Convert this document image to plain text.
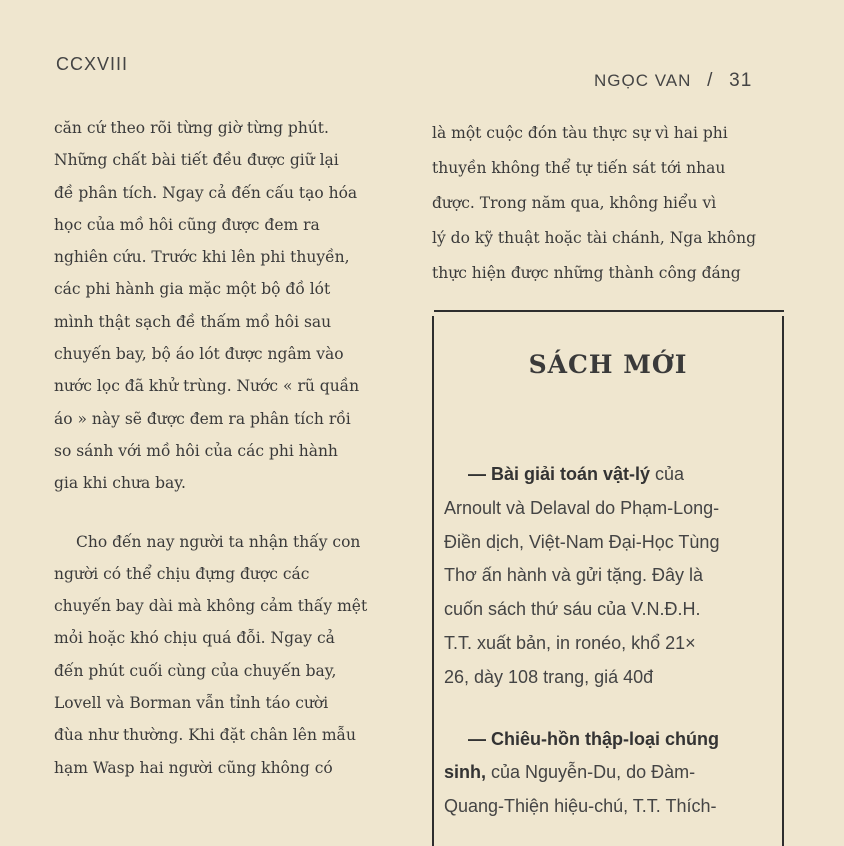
CCXVIII
NGỌC VAN / 31
căn cứ theo rõi từng giờ từng phút.
Những chất bài tiết đều được giữ lại
đề phân tích. Ngay cả đến cấu tạo hóa
học của mồ hôi cũng được đem ra
nghiên cứu. Trước khi lên phi thuyền,
các phi hành gia mặc một bộ đồ lót
mình thật sạch đề thấm mồ hôi sau
chuyến bay, bộ áo lót được ngâm vào
nước lọc đã khử trùng. Nước « rũ quần
áo » này sẽ được đem ra phân tích rồi
so sánh với mồ hôi của các phi hành
gia khi chưa bay.
Cho đến nay người ta nhận thấy con
người có thể chịu đựng được các
chuyến bay dài mà không cảm thấy mệt
mỏi hoặc khó chịu quá đỗi. Ngay cả
đến phút cuối cùng của chuyến bay,
Lovell và Borman vẫn tỉnh táo cười
đùa như thường. Khi đặt chân lên mẫu
hạm Wasp hai người cũng không có
là một cuộc đón tàu thực sự vì hai phi
thuyền không thể tự tiến sát tới nhau
được. Trong năm qua, không hiểu vì
lý do kỹ thuật hoặc tài chánh, Nga không
thực hiện được những thành công đáng
SÁCH MỚI
— Bài giải toán vật-lý của
Arnoult và Delaval do Phạm-Long-
Điền dịch, Việt-Nam Đại-Học Tùng
Thơ ấn hành và gửi tặng. Đây là
cuốn sách thứ sáu của V.N.Đ.H.
T.T. xuất bản, in ronéo, khổ 21×
26, dày 108 trang, giá 40đ
— Chiêu-hồn thập-loại chúng
sinh, của Nguyễn-Du, do Đàm-
Quang-Thiện hiệu-chú, T.T. Thích-
